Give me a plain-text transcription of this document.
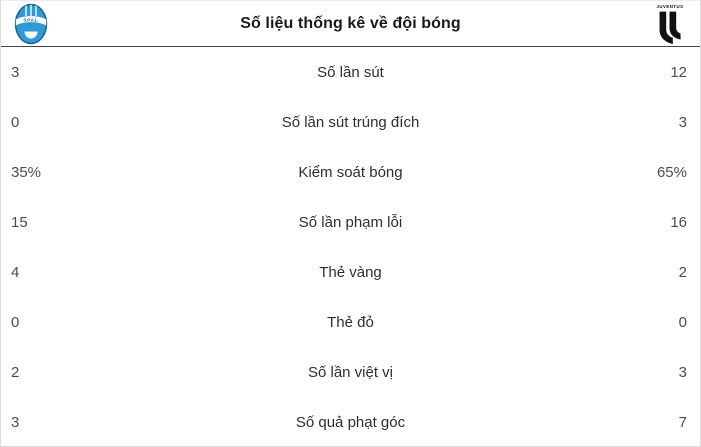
S.P.A.L.	Số liệu thống kê về đội bóng
JUVENTUS
3	Số lần sút	12
0	Số lần sút trúng đích	3
35%	Kiểm soát bóng	65%
15	Số lần phạm lỗi	16
4	Thẻ vàng	2
0	Thẻ đỏ	0
2	Số lần việt vị	3
3	Số quả phạt góc	7
